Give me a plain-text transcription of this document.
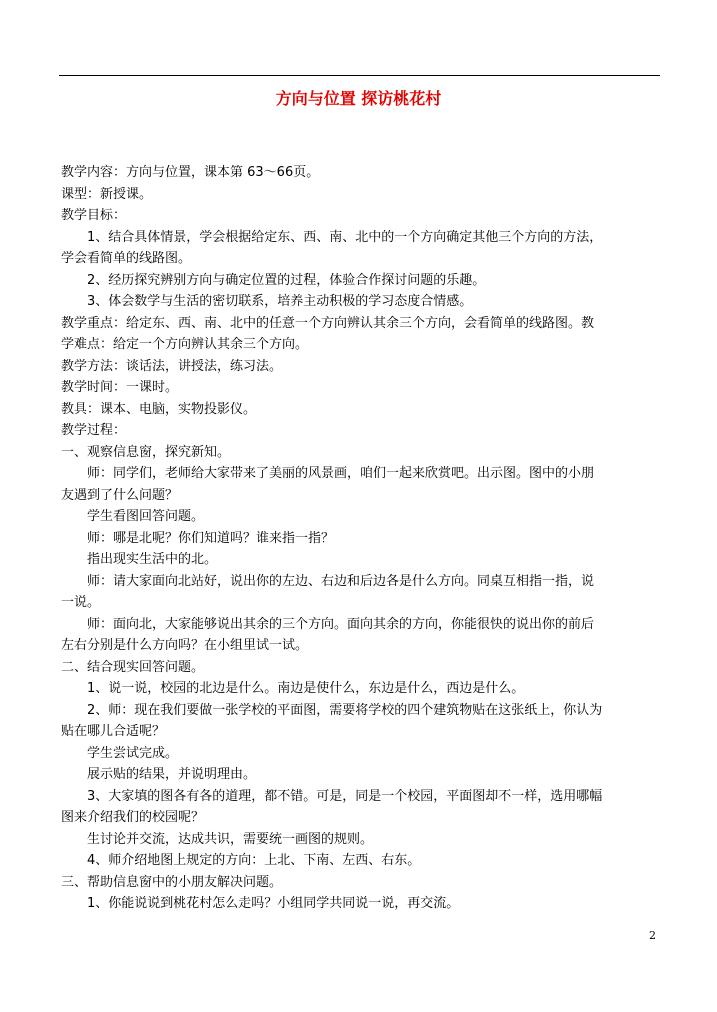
方向与位置 探访桃花村
教学内容：方向与位置，课本第 63～66页。
课型：新授课。
教学目标：
1、结合具体情景，学会根据给定东、西、南、北中的一个方向确定其他三个方向的方法，
学会看简单的线路图。
2、经历探究辨别方向与确定位置的过程，体验合作探讨问题的乐趣。
3、体会数学与生活的密切联系，培养主动积极的学习态度合情感。
教学重点：给定东、西、南、北中的任意一个方向辨认其余三个方向，会看简单的线路图。教
学难点：给定一个方向辨认其余三个方向。
教学方法：谈话法，讲授法，练习法。
教学时间：一课时。
教具：课本、电脑，实物投影仪。
教学过程：
一、观察信息窗，探究新知。
师：同学们，老师给大家带来了美丽的风景画，咱们一起来欣赏吧。出示图。图中的小朋
友遇到了什么问题？
学生看图回答问题。
师：哪是北呢？你们知道吗？谁来指一指？
指出现实生活中的北。
师：请大家面向北站好，说出你的左边、右边和后边各是什么方向。同桌互相指一指，说
一说。
师：面向北，大家能够说出其余的三个方向。面向其余的方向，你能很快的说出你的前后
左右分别是什么方向吗？在小组里试一试。
二、结合现实回答问题。
1、说一说，校园的北边是什么。南边是使什么，东边是什么，西边是什么。
2、师：现在我们要做一张学校的平面图，需要将学校的四个建筑物贴在这张纸上，你认为
贴在哪儿合适呢？
学生尝试完成。
展示贴的结果，并说明理由。
3、大家填的图各有各的道理，都不错。可是，同是一个校园，平面图却不一样，选用哪幅
图来介绍我们的校园呢？
生讨论并交流，达成共识，需要统一画图的规则。
4、师介绍地图上规定的方向：上北、下南、左西、右东。
三、帮助信息窗中的小朋友解决问题。
1、你能说说到桃花村怎么走吗？小组同学共同说一说，再交流。
2
